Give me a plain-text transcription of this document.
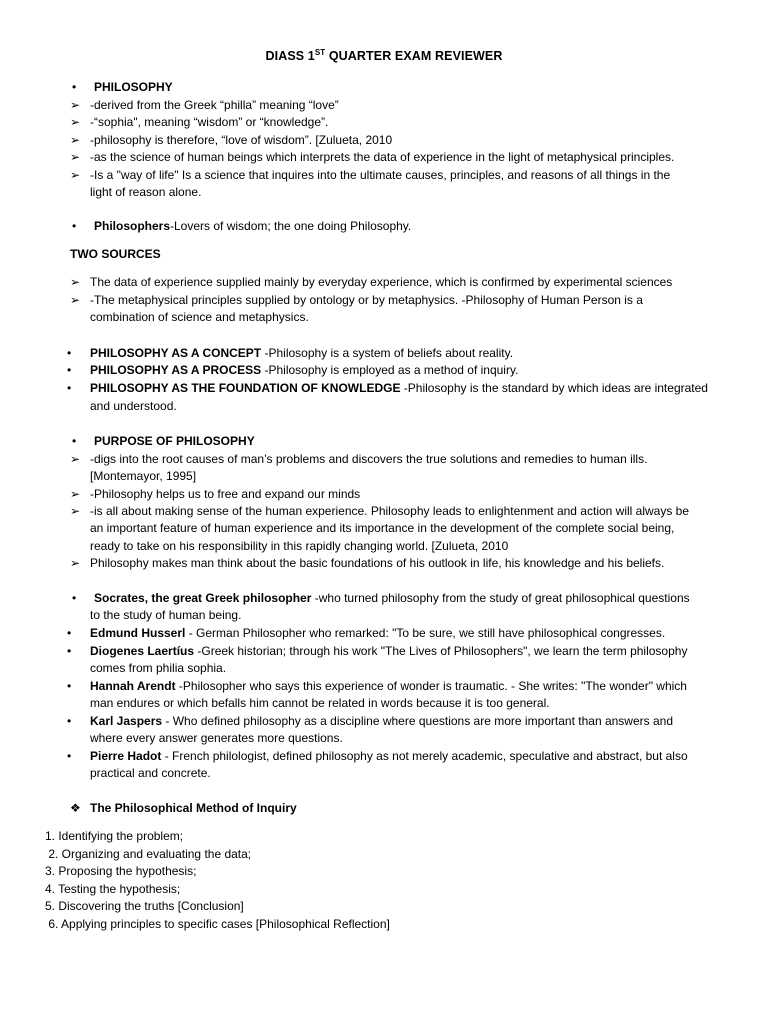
DIASS 1ST QUARTER EXAM REVIEWER
• PHILOSOPHY
➢ -derived from the Greek “philla” meaning “love”
➢ -“sophia", meaning “wisdom” or “knowledge”.
➢ -philosophy is therefore, “love of wisdom”. [Zulueta, 2010
➢ -as the science of human beings which interprets the data of experience in the light of metaphysical principles.
➢ -Is a "way of life" Is a science that inquires into the ultimate causes, principles, and reasons of all things in the
light of reason alone.
• Philosophers -Lovers of wisdom; the one doing Philosophy.
TWO SOURCES
➢ The data of experience supplied mainly by everyday experience, which is confirmed by experimental sciences
➢ -The metaphysical principles supplied by ontology or by metaphysics. -Philosophy of Human Person is a
combination of science and metaphysics.
• PHILOSOPHY AS A CONCEPT -Philosophy is a system of beliefs about reality.
• PHILOSOPHY AS A PROCESS -Philosophy is employed as a method of inquiry.
• PHILOSOPHY AS THE FOUNDATION OF KNOWLEDGE -Philosophy is the standard by which ideas are integrated
and understood.
• PURPOSE OF PHILOSOPHY
➢ -digs into the root causes of man’s problems and discovers the true solutions and remedies to human ills.
[Montemayor, 1995]
➢ -Philosophy helps us to free and expand our minds
➢ -is all about making sense of the human experience. Philosophy leads to enlightenment and action will always be
an important feature of human experience and its importance in the development of the complete social being,
ready to take on his responsibility in this rapidly changing world. [Zulueta, 2010
➢ Philosophy makes man think about the basic foundations of his outlook in life, his knowledge and his beliefs.
• Socrates, the great Greek philosopher -who turned philosophy from the study of great philosophical questions
to the study of human being.
• Edmund Husserl - German Philosopher who remarked: "To be sure, we still have philosophical congresses.
• Diogenes Laertíus -Greek historian; through his work "The Lives of Philosophers", we learn the term philosophy
comes from philia sophia.
• Hannah Arendt -Philosopher who says this experience of wonder is traumatic. - She writes: "The wonder" which
man endures or which befalls him cannot be related in words because it is too general.
• Karl Jaspers - Who defined philosophy as a discipline where questions are more important than answers and
where every answer generates more questions.
• Pierre Hadot - French philologist, defined philosophy as not merely academic, speculative and abstract, but also
practical and concrete.
❖ The Philosophical Method of Inquiry
1. Identifying the problem;
2. Organizing and evaluating the data;
3. Proposing the hypothesis;
4. Testing the hypothesis;
5. Discovering the truths [Conclusion]
6. Applying principles to specific cases [Philosophical Reflection]
